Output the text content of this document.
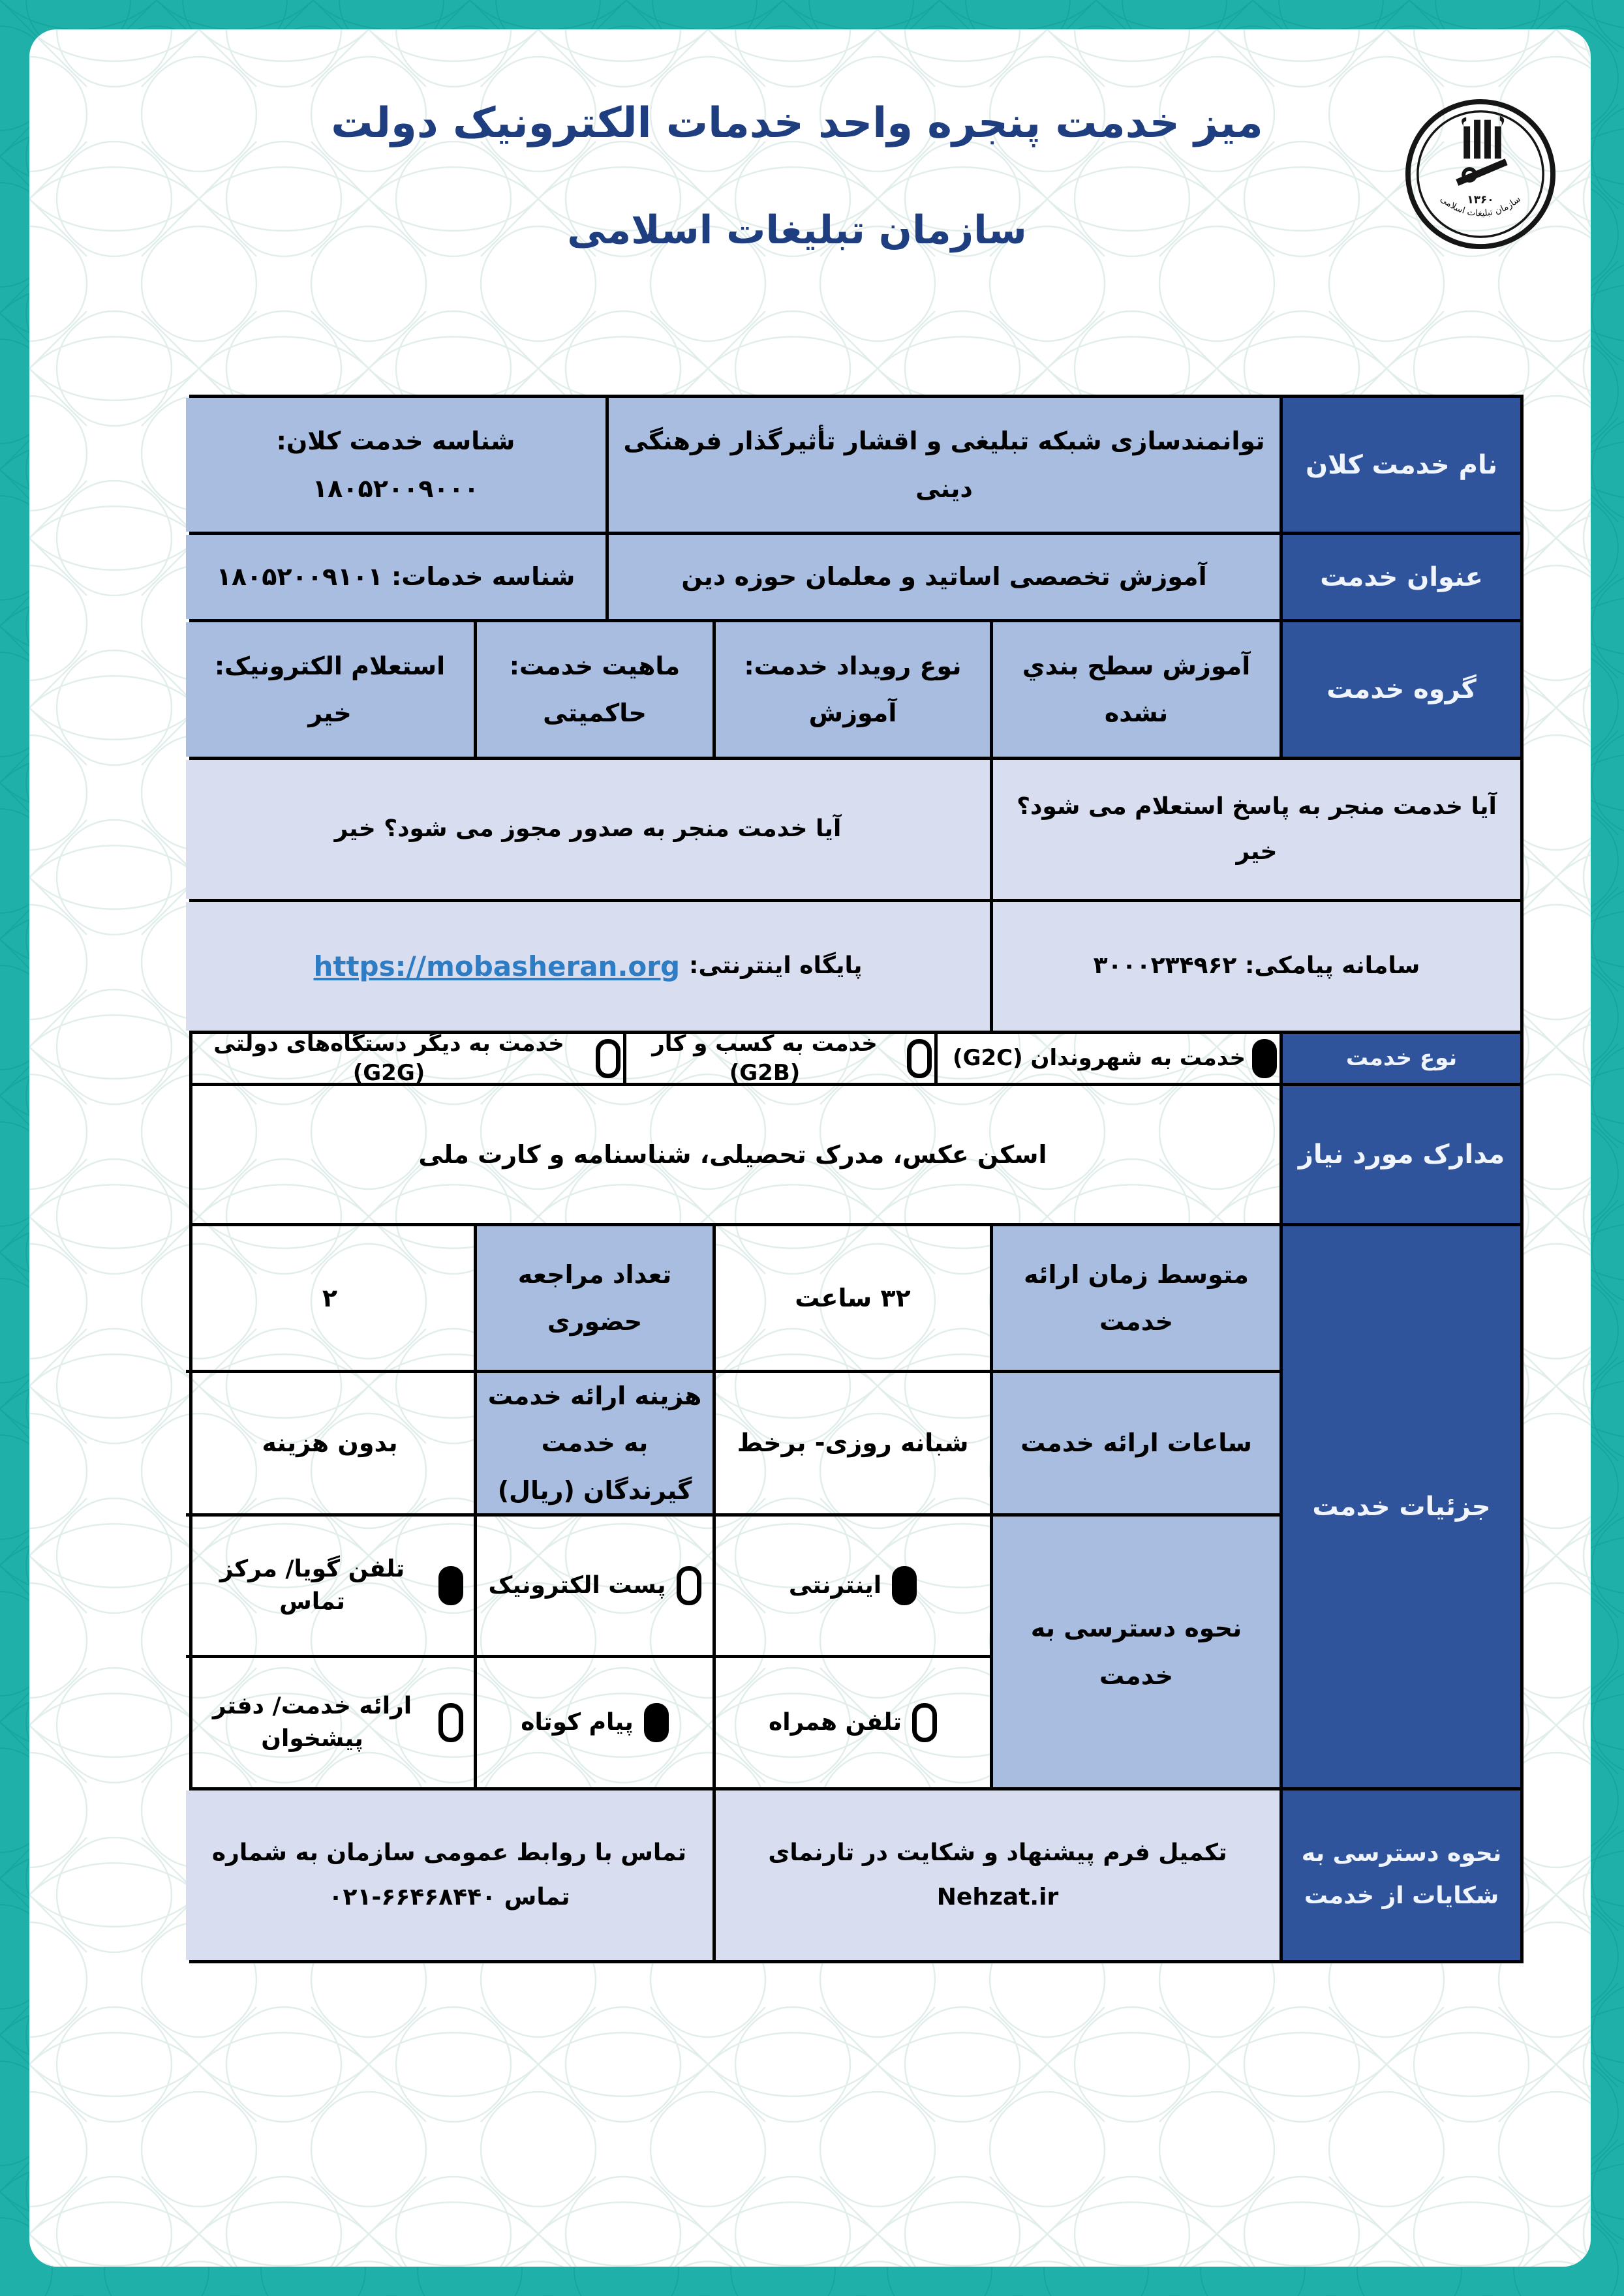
میز خدمت پنجره واحد خدمات الکترونیک دولت
سازمان تبلیغات اسلامی
۱۳۶۰
سازمان تبلیغات اسلامی
نام خدمت کلان
توانمندسازی شبکه تبلیغی و اقشار تأثیرگذار فرهنگی دینی
شناسه خدمت کلان: ۱۸۰۵۲۰۰۹۰۰۰
عنوان خدمت
آموزش تخصصی اساتید و معلمان حوزه دین
شناسه خدمات: ۱۸۰۵۲۰۰۹۱۰۱
گروه خدمت
آموزش سطح بندي نشده
نوع رویداد خدمت:
آموزش
ماهیت خدمت:
حاکمیتی
استعلام الکترونیک:
خیر
آیا خدمت منجر به پاسخ استعلام می شود؟ خیر
آیا خدمت منجر به صدور مجوز می شود؟ خیر
سامانه پیامکی: ۳۰۰۰۲۳۴۹۶۲
پایگاه اینترنتی:
https://mobasheran.org
نوع خدمت
خدمت به شهروندان (G2C)
خدمت به کسب و کار (G2B)
خدمت به دیگر دستگاه‌های دولتی (G2G)
مدارک مورد نیاز
اسکن عکس، مدرک تحصیلی، شناسنامه و کارت ملی
جزئیات خدمت
متوسط زمان ارائه خدمت
۳۲ ساعت
تعداد مراجعه حضوری
۲
ساعات ارائه خدمت
شبانه روزی- برخط
هزینه ارائه خدمت به خدمت گیرندگان (ریال)
بدون هزینه
نحوه دسترسی به خدمت
اینترنتی
پست الکترونیک
تلفن گویا/ مرکز تماس
تلفن همراه
پیام کوتاه
ارائه خدمت/ دفتر پیشخوان
نحوه دسترسی به شکایات از خدمت
تکمیل فرم پیشنهاد و شکایت در تارنمای Nehzat.ir
تماس با روابط عمومی سازمان به شماره تماس ۶۶۴۶۸۴۴۰-۰۲۱
